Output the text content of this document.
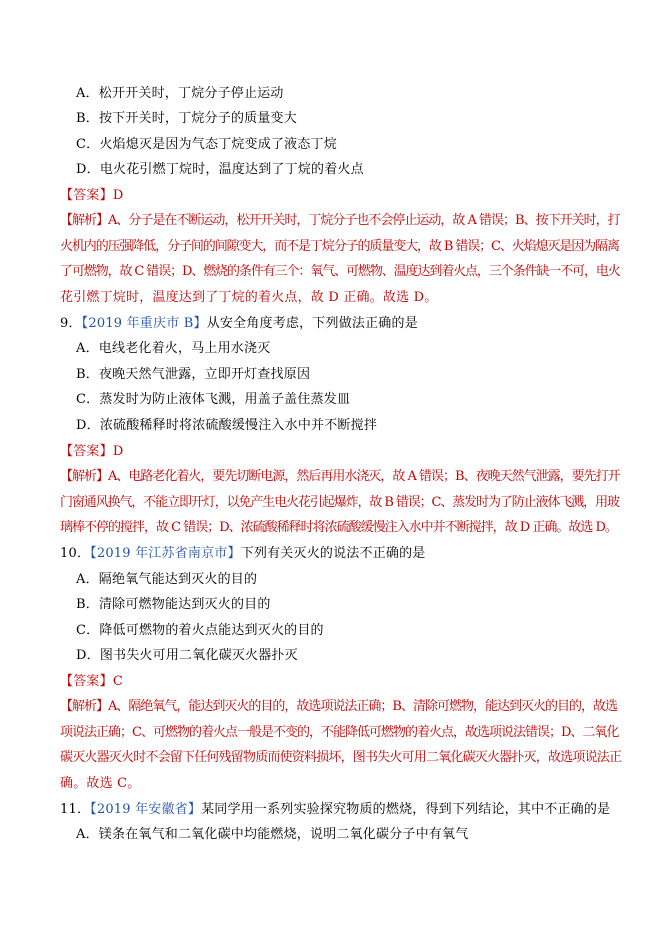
A．松开开关时，丁烷分子停止运动
B．按下开关时，丁烷分子的质量变大
C．火焰熄灭是因为气态丁烷变成了液态丁烷
D．电火花引燃丁烷时，温度达到了丁烷的着火点
【答案】D
【解析】A、分子是在不断运动，松开开关时，丁烷分子也不会停止运动，故 A 错误；B、按下开关时，打
火机内的压强降低，分子间的间隙变大，而不是丁烷分子的质量变大，故 B 错误；C、火焰熄灭是因为隔离
了可燃物，故 C 错误；D、燃烧的条件有三个：氧气、可燃物、温度达到着火点，三个条件缺一不可，电火
花引燃丁烷时，温度达到了丁烷的着火点，故 D 正确。故选 D。
9．【2019 年重庆市 B】从安全角度考虑，下列做法正确的是
A．电线老化着火，马上用水浇灭
B．夜晚天然气泄露，立即开灯查找原因
C．蒸发时为防止液体飞溅，用盖子盖住蒸发皿
D．浓硫酸稀释时将浓硫酸缓慢注入水中并不断搅拌
【答案】D
【解析】A、电路老化着火，要先切断电源，然后再用水浇灭，故 A 错误；B、夜晚天然气泄露，要先打开
门窗通风换气，不能立即开灯，以免产生电火花引起爆炸，故 B 错误；C、蒸发时为了防止液体飞溅，用玻
璃棒不停的搅拌，故 C 错误；D、浓硫酸稀释时将浓硫酸缓慢注入水中并不断搅拌，故 D 正确。故选 D。
10．【2019 年江苏省南京市】下列有关灭火的说法不正确的是
A．隔绝氧气能达到灭火的目的
B．清除可燃物能达到灭火的目的
C．降低可燃物的着火点能达到灭火的目的
D．图书失火可用二氧化碳灭火器扑灭
【答案】C
【解析】A、隔绝氧气，能达到灭火的目的，故选项说法正确；B、清除可燃物，能达到灭火的目的，故选
项说法正确；C、可燃物的着火点一般是不变的，不能降低可燃物的着火点，故选项说法错误；D、二氧化
碳灭火器灭火时不会留下任何残留物质而使资料损坏，图书失火可用二氧化碳灭火器扑灭，故选项说法正
确。故选 C。
11．【2019 年安徽省】某同学用一系列实验探究物质的燃烧，得到下列结论，其中不正确的是
A．镁条在氧气和二氧化碳中均能燃烧，说明二氧化碳分子中有氧气
